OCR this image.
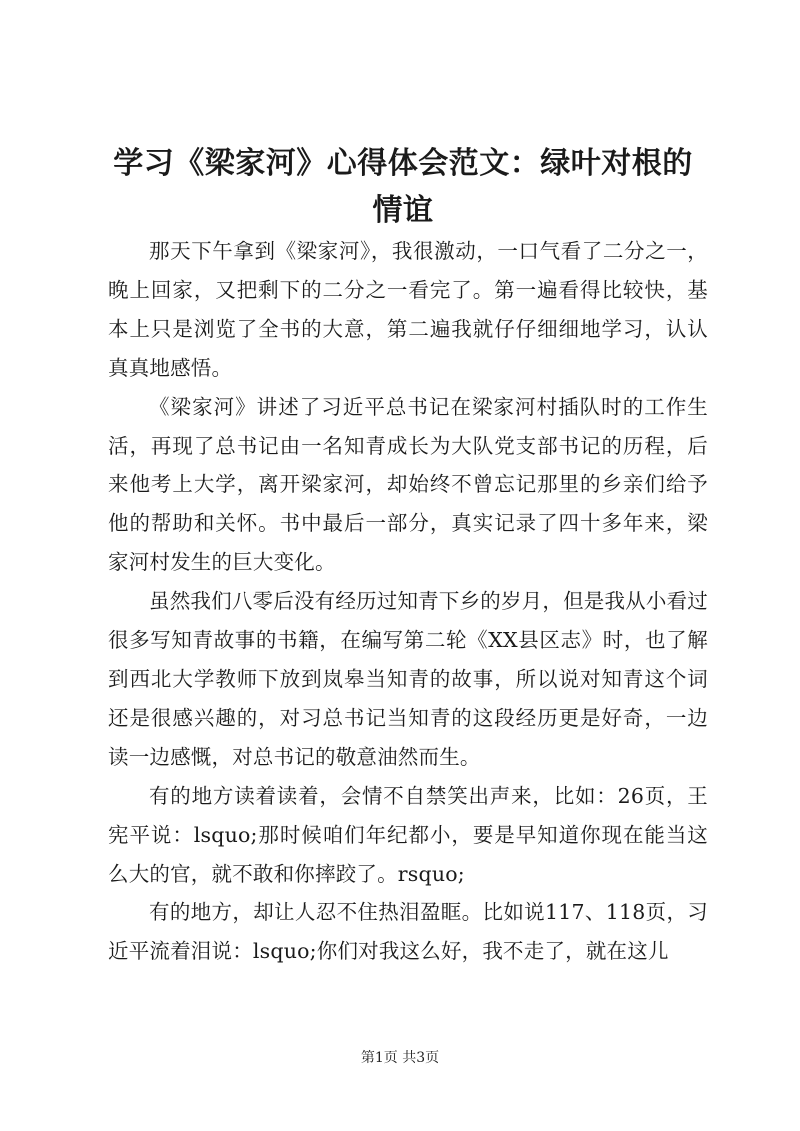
学习《梁家河》心得体会范文：绿叶对根的情谊

那天下午拿到《梁家河》，我很激动，一口气看了二分之一，晚上回家，又把剩下的二分之一看完了。第一遍看得比较快，基本上只是浏览了全书的大意，第二遍我就仔仔细细地学习，认认真真地感悟。

《梁家河》讲述了习近平总书记在梁家河村插队时的工作生活，再现了总书记由一名知青成长为大队党支部书记的历程，后来他考上大学，离开梁家河，却始终不曾忘记那里的乡亲们给予他的帮助和关怀。书中最后一部分，真实记录了四十多年来，梁家河村发生的巨大变化。

虽然我们八零后没有经历过知青下乡的岁月，但是我从小看过很多写知青故事的书籍，在编写第二轮《XX县区志》时，也了解到西北大学教师下放到岚皋当知青的故事，所以说对知青这个词还是很感兴趣的，对习总书记当知青的这段经历更是好奇，一边读一边感慨，对总书记的敬意油然而生。

有的地方读着读着，会情不自禁笑出声来，比如：26页，王宪平说：lsquo;那时候咱们年纪都小，要是早知道你现在能当这么大的官，就不敢和你摔跤了。rsquo;

有的地方，却让人忍不住热泪盈眶。比如说117、118页，习近平流着泪说：lsquo;你们对我这么好，我不走了，就在这儿

第1页 共3页
